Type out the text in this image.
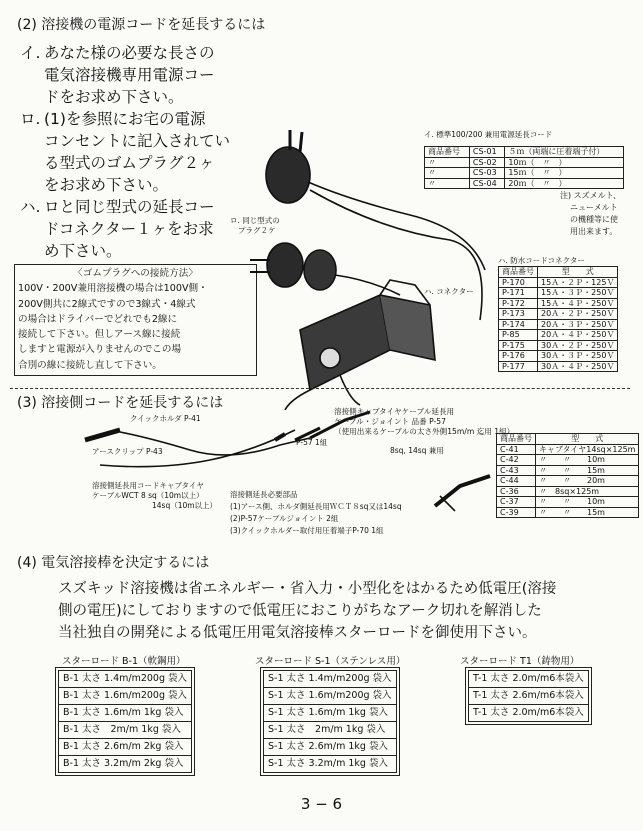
(2) 溶接機の電源コードを延長するには
イ. あなた様の必要な長さの
電気溶接機専用電源コー
ドをお求め下さい。
ロ. (1)を参照にお宅の電源
コンセントに記入されてい
る型式のゴムプラグ２ヶ
をお求め下さい。
ハ. ロと同じ型式の延長コー
ドコネクター１ヶをお求
め下さい。
〈ゴムプラグへの接続方法〉
100V・200V兼用溶接機の場合は100V側・
200V側共に2線式ですので3線式・4線式
の場合はドライバーでどれでも2線に
接続して下さい。但しアース線に接続
しますと電源が入りませんのでこの場
合別の線に接続し直して下さい。
イ. 標準100/200 兼用電源延長コード
ロ. 同じ型式の
プラグ２ケ
ハ. コネクター
ハ. 防水コードコネクター
注) スズメルト、
ニューメルト
の機種等に使
用出来ます。
商品番号	CS-01	５ｍ（両端に圧着端子付）
〃	CS-02	10ｍ（　〃　）
〃	CS-03	15ｍ（　〃　）
〃	CS-04	20ｍ（　〃　）
商品番号	型　　式
P-170	15Ａ・２Ｐ・125Ｖ
P-171	15Ａ・３Ｐ・250Ｖ
P-172	15Ａ・４Ｐ・250Ｖ
P-173	20Ａ・２Ｐ・250Ｖ
P-174	20Ａ・３Ｐ・250Ｖ
P-85	20Ａ・４Ｐ・250Ｖ
P-175	30Ａ・２Ｐ・250Ｖ
P-176	30Ａ・３Ｐ・250Ｖ
P-177	30Ａ・４Ｐ・250Ｖ
(3) 溶接側コードを延長するには
クイックホルダ P-41
アースクリップ P-43
溶接側キャブタイヤケーブル延長用
ケーブル・ジョイント 品番 P-57
（使用出来るケーブルの太さ外側15m/m 迄用 1組）
8sq, 14sq 兼用
P-57 1組
溶接側延長用コードキャブタイヤ
ケーブルWCT 8 sq（10m以上）
14sq（10m以上）
溶接側延長必要部品
(1)アース側、ホルダ側延長用ＷＣＴ８sq又は14sq
(2)P-57ケーブルジョイント 2組
(3)クイックホルダー取付用圧着端子P-70 1組
商品番号	型　　式
C-41	キャブタイヤ14sq×125m
C-42	〃　　〃　　10m
C-43	〃　　〃　　15m
C-44	〃　　〃　　20m
C-36	〃　8sq×125m
C-37	〃　　〃　　10m
C-39	〃　　〃　　15m
(4) 電気溶接棒を決定するには
スズキッド溶接機は省エネルギー・省入力・小型化をはかるため低電圧(溶接
側の電圧)にしておりますので低電圧におこりがちなアーク切れを解消した
当社独自の開発による低電圧用電気溶接棒スターロードを御使用下さい。
スターロード B-1（軟鋼用）
B-1 太さ 1.4m/m200g 袋入
B-1 太さ 1.6m/m200g 袋入
B-1 太さ 1.6m/m 1kg 袋入
B-1 太さ　2m/m 1kg 袋入
B-1 太さ 2.6m/m 2kg 袋入
B-1 太さ 3.2m/m 2kg 袋入
スターロード S-1（ステンレス用）
S-1 太さ 1.4m/m200g 袋入
S-1 太さ 1.6m/m200g 袋入
S-1 太さ 1.6m/m 1kg 袋入
S-1 太さ　2m/m 1kg 袋入
S-1 太さ 2.6m/m 1kg 袋入
S-1 太さ 3.2m/m 1kg 袋入
スターロード T1（鋳物用）
T-1 太さ 2.0m/m6本袋入
T-1 太さ 2.6m/m6本袋入
T-1 太さ 2.0m/m6本袋入
3 − 6
